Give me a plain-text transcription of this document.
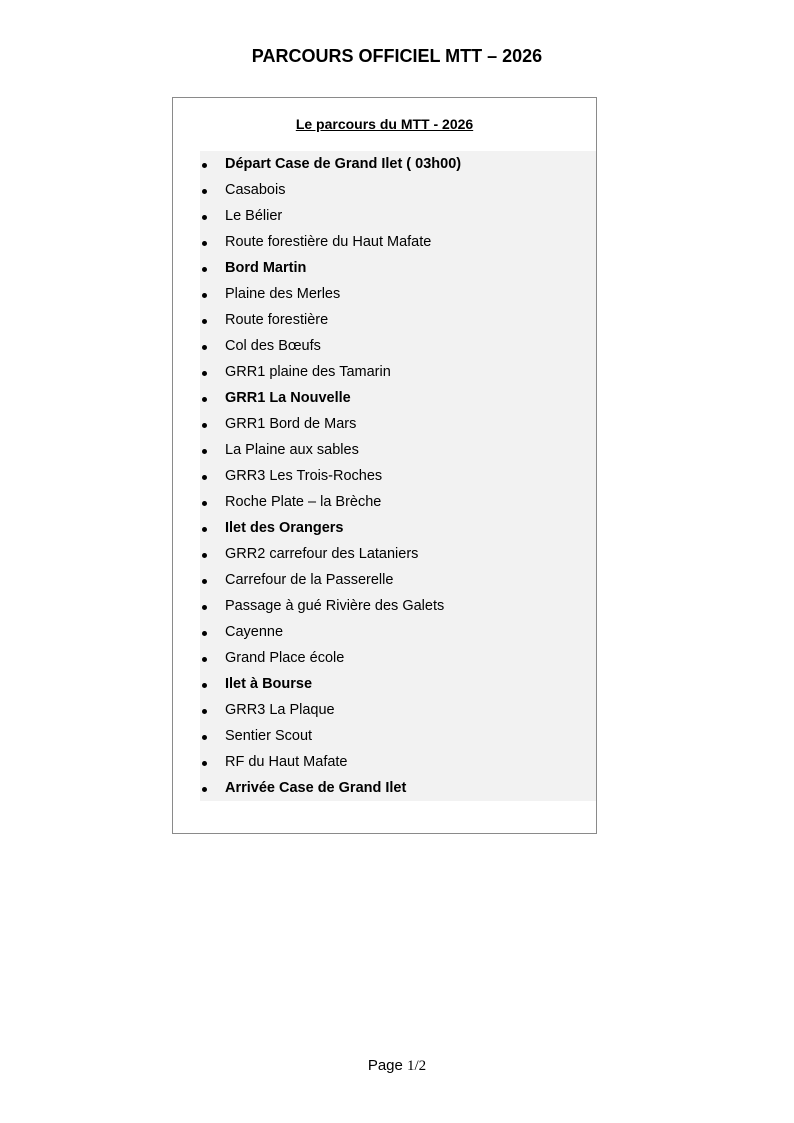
PARCOURS OFFICIEL MTT – 2026
Le parcours du MTT - 2026
Départ Case de Grand Ilet ( 03h00)
Casabois
Le Bélier
Route forestière du Haut Mafate
Bord Martin
Plaine des Merles
Route forestière
Col des Bœufs
GRR1 plaine des Tamarin
GRR1 La Nouvelle
GRR1 Bord de Mars
La Plaine aux sables
GRR3 Les Trois-Roches
Roche Plate – la Brèche
Ilet des Orangers
GRR2 carrefour des Lataniers
Carrefour de la Passerelle
Passage à gué Rivière des Galets
Cayenne
Grand Place école
Ilet à Bourse
GRR3 La Plaque
Sentier Scout
RF du Haut Mafate
Arrivée Case de Grand Ilet
Page 1/2
